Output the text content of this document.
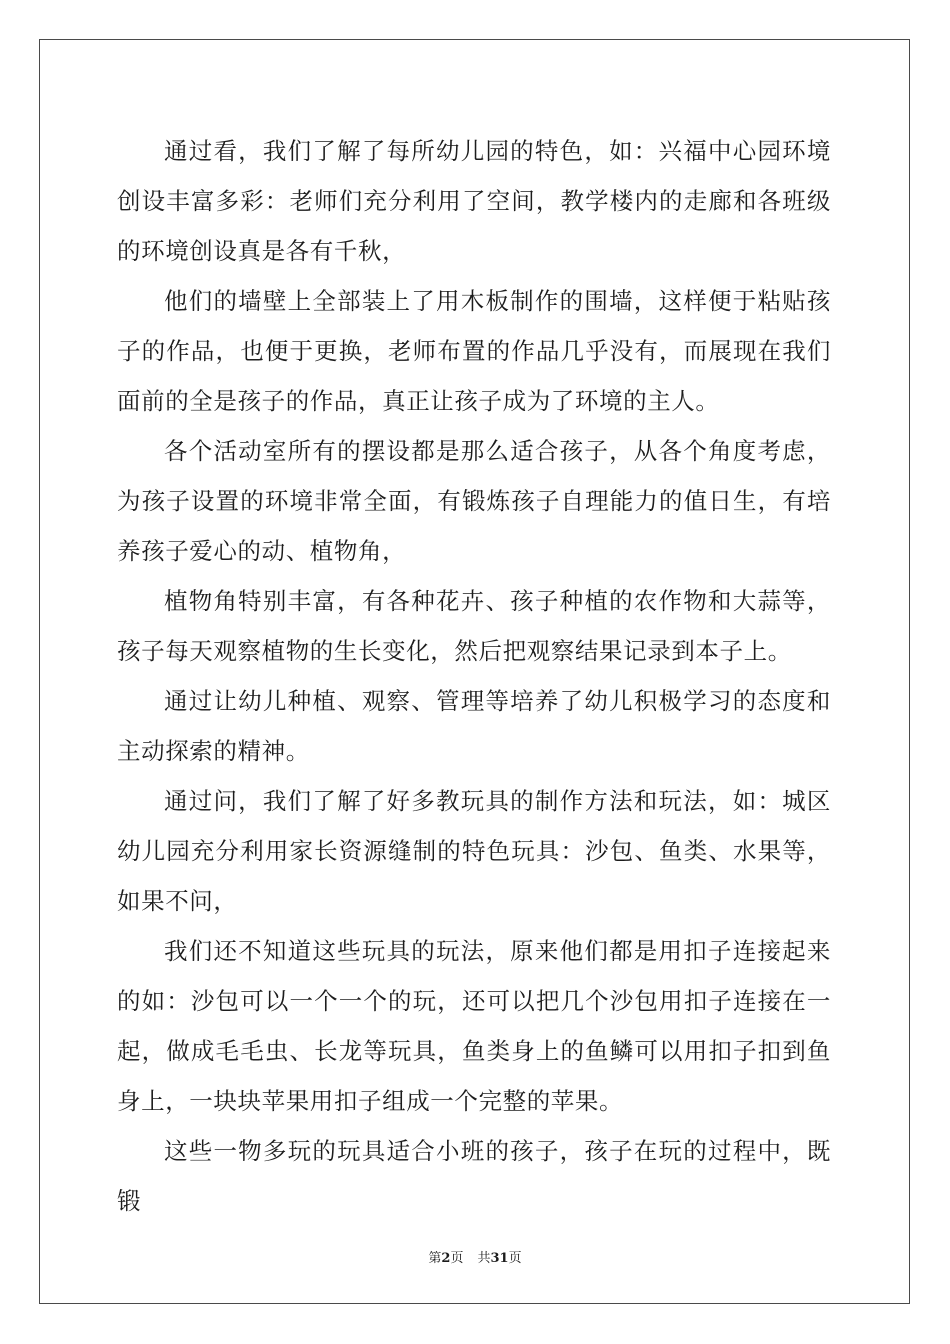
通过看，我们了解了每所幼儿园的特色，如：兴福中心园环境创设丰富多彩：老师们充分利用了空间，教学楼内的走廊和各班级的环境创设真是各有千秋，

他们的墙壁上全部装上了用木板制作的围墙，这样便于粘贴孩子的作品，也便于更换，老师布置的作品几乎没有，而展现在我们面前的全是孩子的作品，真正让孩子成为了环境的主人。

各个活动室所有的摆设都是那么适合孩子，从各个角度考虑，为孩子设置的环境非常全面，有锻炼孩子自理能力的值日生，有培养孩子爱心的动、植物角，

植物角特别丰富，有各种花卉、孩子种植的农作物和大蒜等，孩子每天观察植物的生长变化，然后把观察结果记录到本子上。

通过让幼儿种植、观察、管理等培养了幼儿积极学习的态度和主动探索的精神。

通过问，我们了解了好多教玩具的制作方法和玩法，如：城区幼儿园充分利用家长资源缝制的特色玩具：沙包、鱼类、水果等，如果不问，

我们还不知道这些玩具的玩法，原来他们都是用扣子连接起来的如：沙包可以一个一个的玩，还可以把几个沙包用扣子连接在一起，做成毛毛虫、长龙等玩具，鱼类身上的鱼鳞可以用扣子扣到鱼身上，一块块苹果用扣子组成一个完整的苹果。

这些一物多玩的玩具适合小班的孩子，孩子在玩的过程中，既锻

第2页 共31页
